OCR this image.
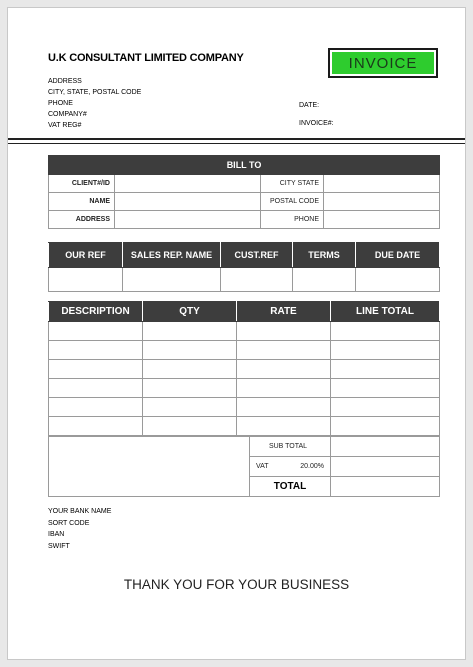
U.K CONSULTANT LIMITED COMPANY
ADDRESS
CITY, STATE, POSTAL CODE
PHONE
COMPANY#
VAT REG#
INVOICE
DATE:
INVOICE#:
BILL TO			
CLIENT#/ID		CITY STATE	
NAME		POSTAL CODE	
ADDRESS		PHONE	
OUR REF	SALES REP. NAME	CUST.REF	TERMS	DUE DATE

DESCRIPTION	QTY	RATE	LINE TOTAL

	SUB TOTAL	
	VAT 20.00%	

	TOTAL	
YOUR BANK NAME
SORT CODE
IBAN
SWIFT
THANK YOU FOR YOUR BUSINESS
